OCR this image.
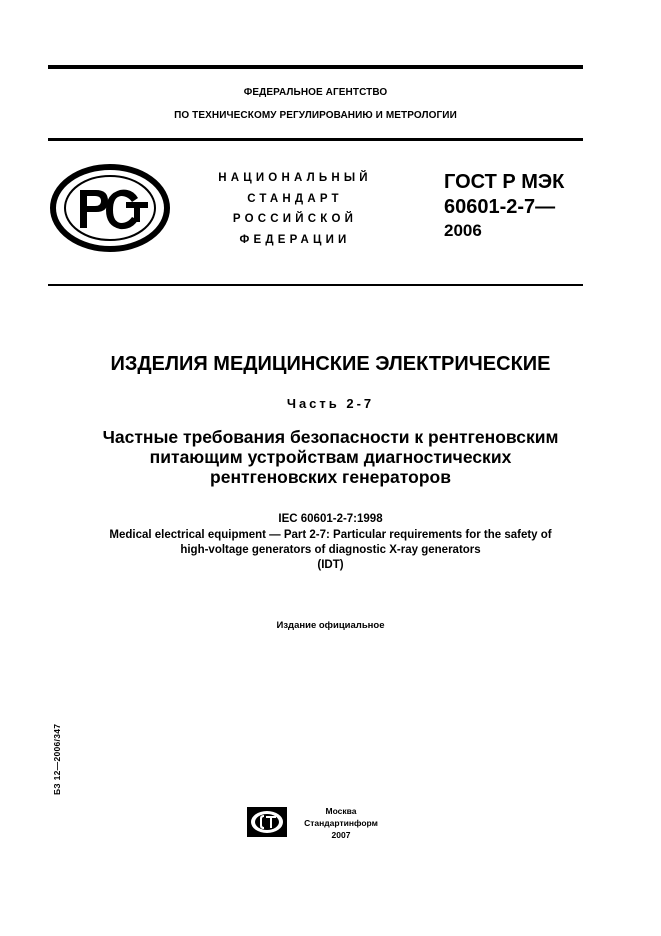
ФЕДЕРАЛЬНОЕ АГЕНТСТВО
ПО ТЕХНИЧЕСКОМУ РЕГУЛИРОВАНИЮ И МЕТРОЛОГИИ
НАЦИОНАЛЬНЫЙ
СТАНДАРТ
РОССИЙСКОЙ
ФЕДЕРАЦИИ
ГОСТ Р МЭК
60601-2-7—
2006
ИЗДЕЛИЯ МЕДИЦИНСКИЕ ЭЛЕКТРИЧЕСКИЕ
Часть 2-7
Частные требования безопасности к рентгеновским
питающим устройствам диагностических
рентгеновских генераторов
IEC 60601-2-7:1998
Medical electrical equipment — Part 2-7: Particular requirements for the safety of
high-voltage generators of diagnostic X-ray generators
(IDT)
Издание официальное
БЗ 12—2006/347
Москва
Стандартинформ
2007
